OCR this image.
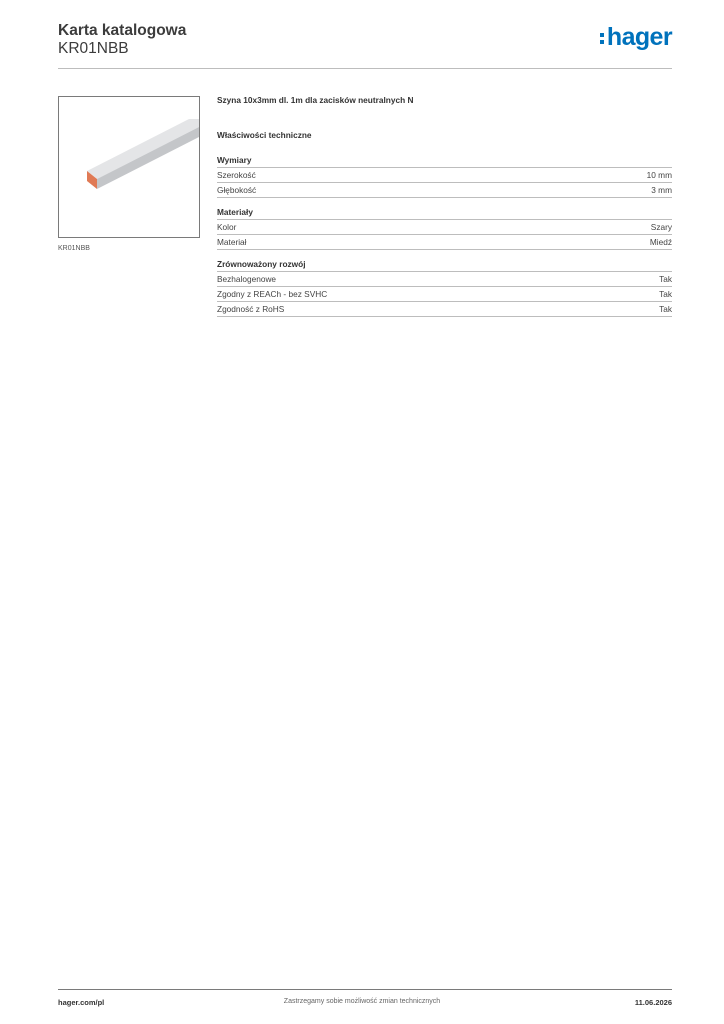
Karta katalogowa
KR01NBB	hager
KR01NBB
Szyna 10x3mm dl. 1m dla zacisków neutralnych N
Właściwości techniczne
Wymiary
Szerokość	10 mm
Głębokość	3 mm
Materiały
Kolor	Szary
Materiał	Miedź
Zrównoważony rozwój
Bezhalogenowe	Tak
Zgodny z REACh - bez SVHC	Tak
Zgodność z RoHS	Tak
hager.com/pl	Zastrzegamy sobie możliwość zmian technicznych	11.06.2026
